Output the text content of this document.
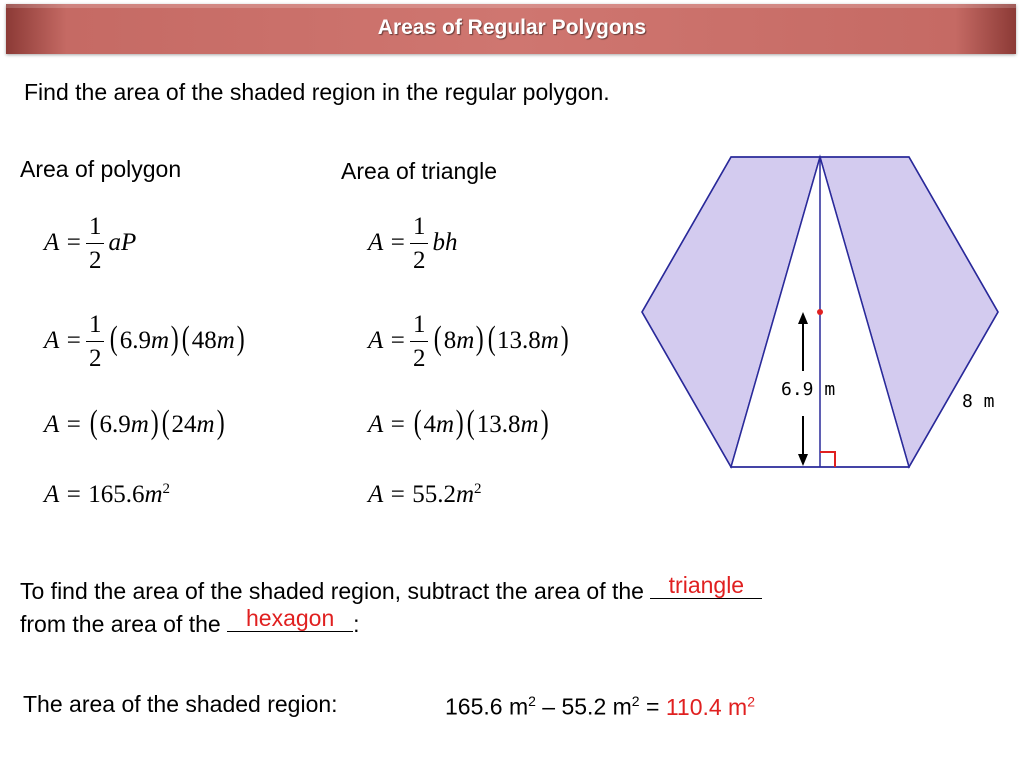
Areas of Regular Polygons
Find the area of the shaded region in the regular polygon.
Area of polygon
$A = \frac{1}{2}$ aP
$A = \frac{1}{2}$ ( 6.9 m ) ( 48 m )
A =
( 6.9 m ) ( 24 m )
A =
165.6 m 2
Area of triangle
$A = \frac{1}{2}$ bh
$A = \frac{1}{2}$ ( 8 m ) ( 13.8 m )
A =
( 4 m ) ( 13.8 m )
A =
55.2 m 2
6.9 m
8 m
To find the area of the shaded region, subtract the area of the	triangle
from the area of the	hexagon :
The area of the shaded region:	165.6 $m^2 - 55.2$ $m^2 = 110.4$ $m^2$
